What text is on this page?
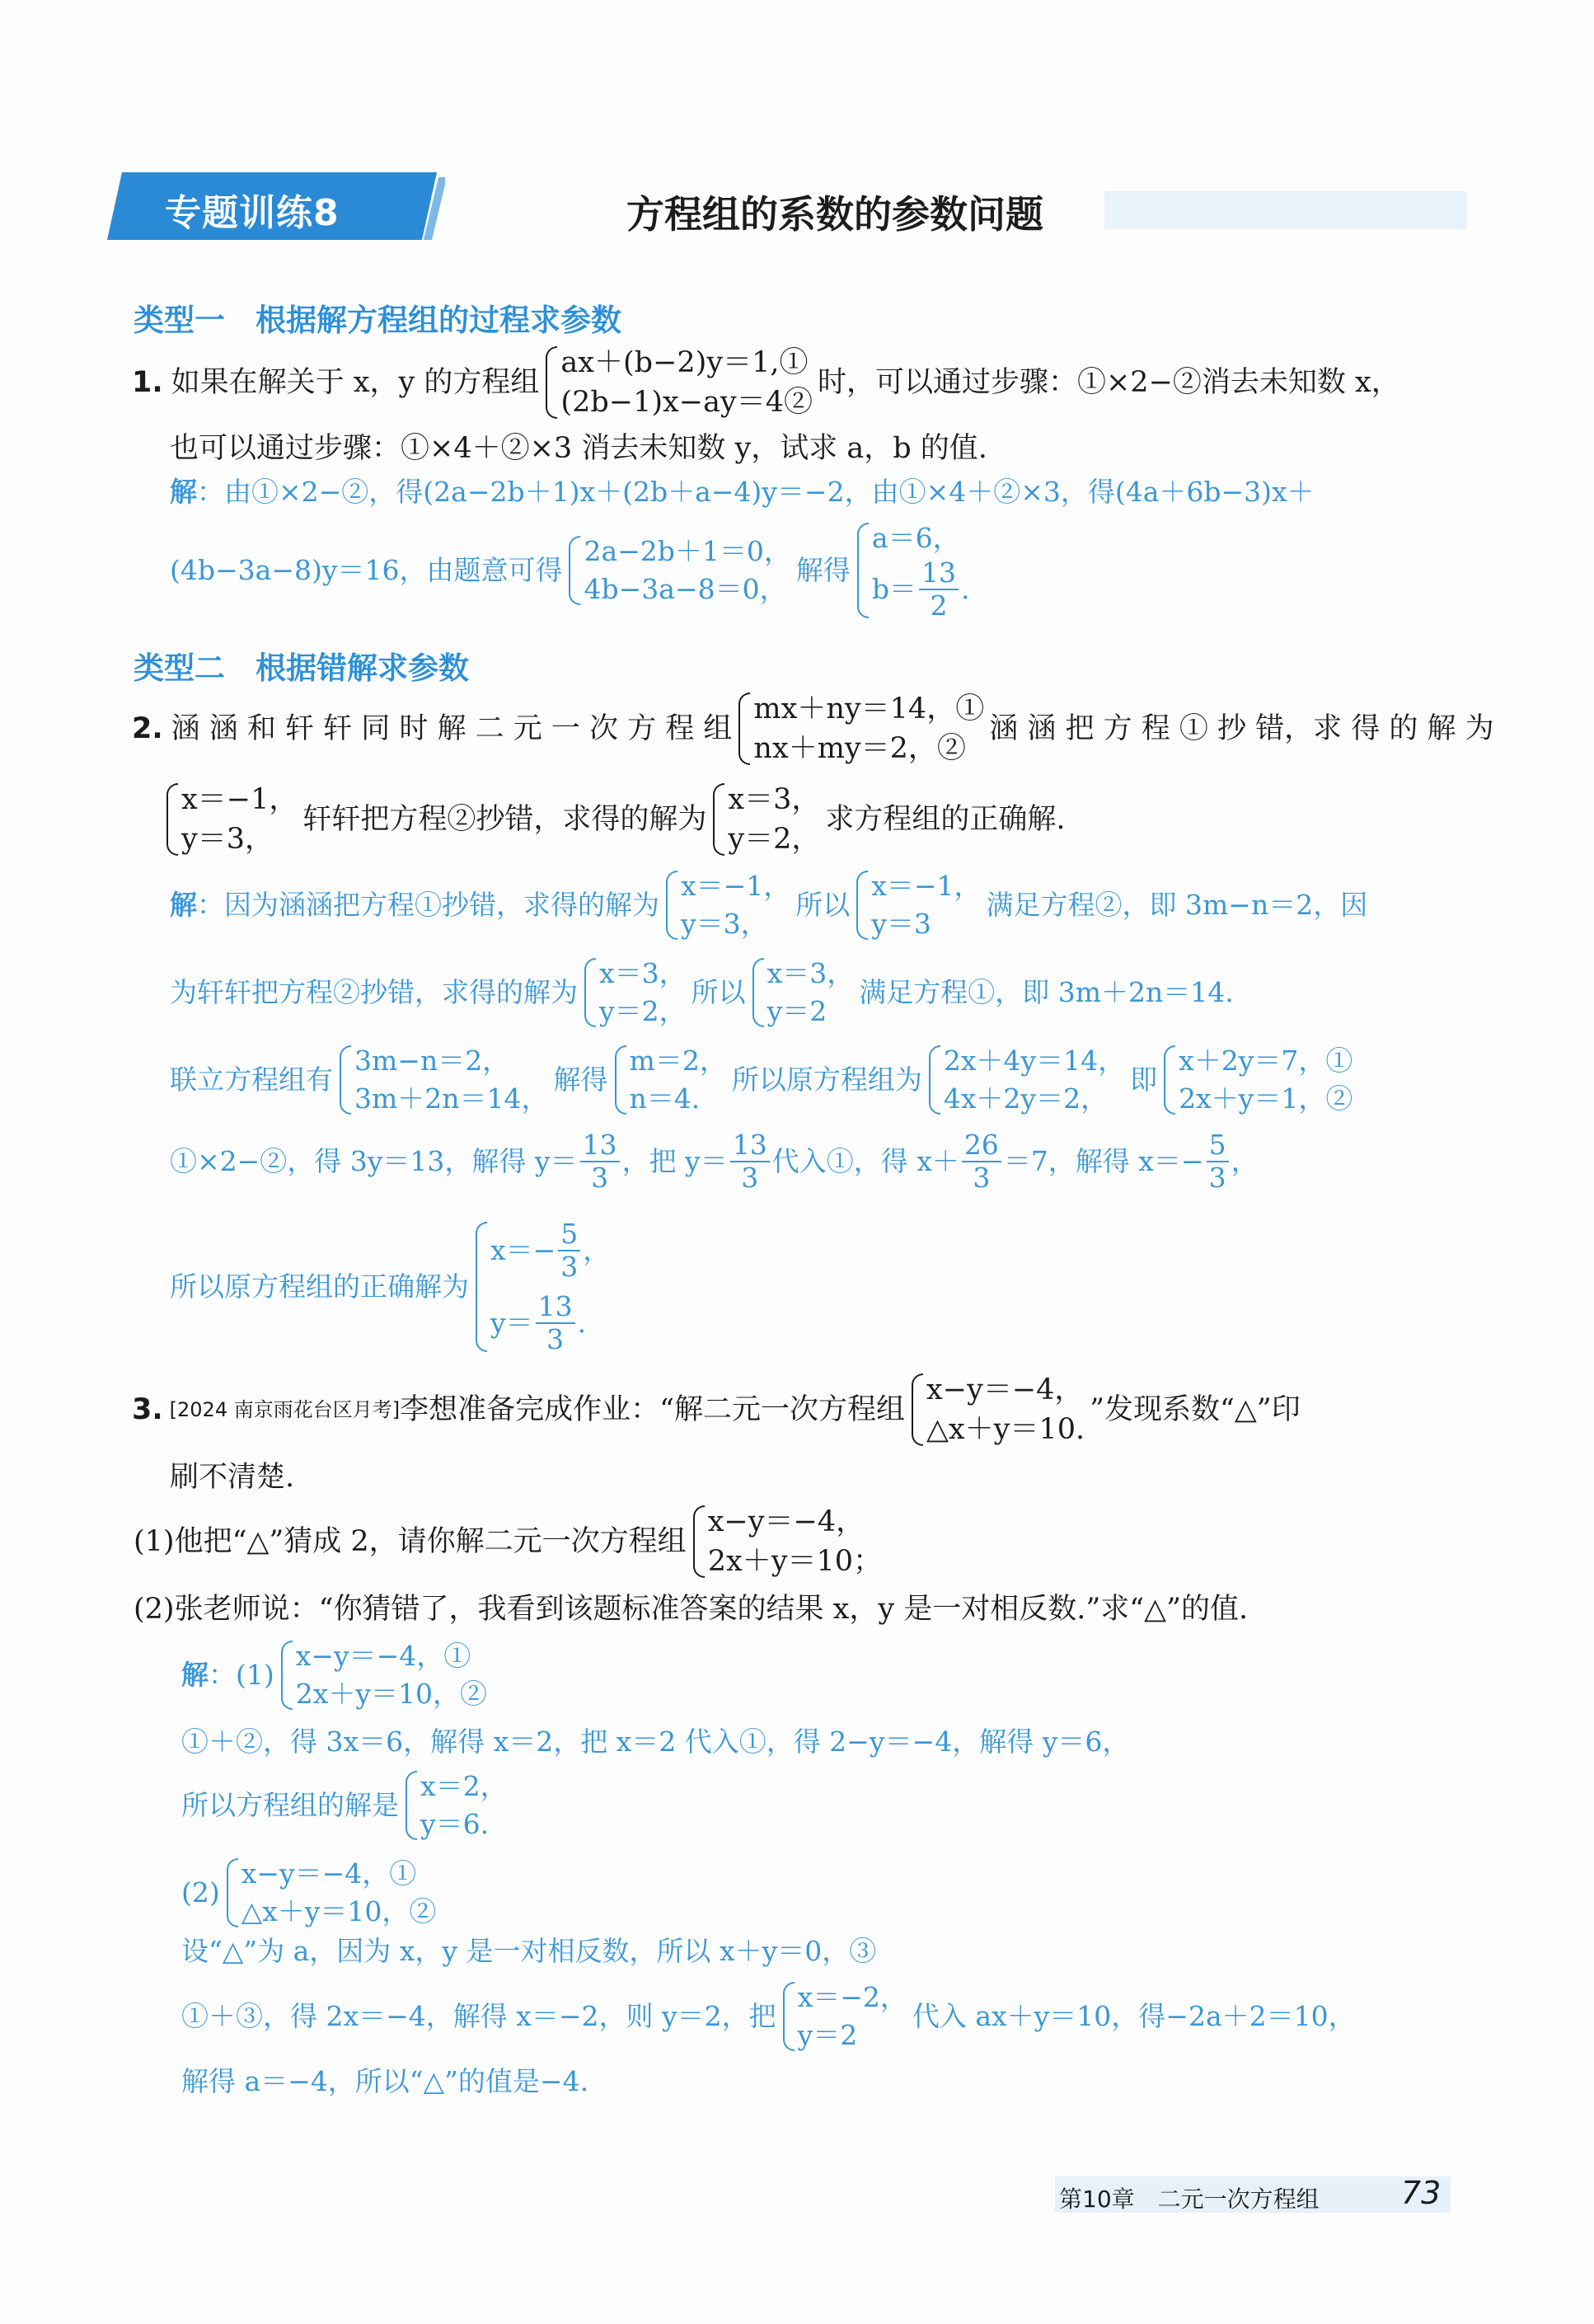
专题训练8	方程组的系数的参数问题
类型一　根据解方程组的过程求参数
1. 如果在解关于 x，y 的方程组
ax＋(b−2)y＝1,①
(2b−1)x−ay＝4②
时，可以通过步骤：①×2−②消去未知数 x，
也可以通过步骤：①×4＋②×3 消去未知数 y，试求 a，b 的值.
解：由①×2−②，得(2a−2b＋1)x＋(2b＋a−4)y＝−2，由①×4＋②×3，得(4a＋6b−3)x＋
(4b−3a−8)y＝16，由题意可得
2a−2b＋1＝0，
4b−3a−8＝0，
解得
a＝6，
$b= \frac{13}{2}$ .
类型二　根据错解求参数
2. 涵 涵 和 轩 轩 同 时 解 二 元 一 次 方 程 组
mx＋ny＝14，①
nx＋my＝2，②
涵 涵 把 方 程 ① 抄 错，求 得 的 解 为
x＝−1，
y＝3，
轩轩把方程②抄错，求得的解为
x＝3，
y＝2，
求方程组的正确解.
解 ：因为涵涵把方程①抄错，求得的解为
x＝−1，
y＝3，
所以
x＝−1，
y＝3
满足方程②，即 3m−n＝2，因
为轩轩把方程②抄错，求得的解为
x＝3，
y＝2，
所以
x＝3，
y＝2
满足方程①，即 3m＋2n＝14.
联立方程组有
3m−n＝2，
3m＋2n＝14，
解得
m＝2，
n＝4.
所以原方程组为
2x＋4y＝14，
4x＋2y＝2，
即
x＋2y＝7，①
2x＋y＝1，②
①×2−②，得 3y＝13，解得 $y= \frac{13}{3}$ ，把 $y= \frac{13}{3}$ 代入①，得 $x+ \frac{26}{3} =7$，解得 $x=- \frac{5}{3}$ ，
所以原方程组的正确解为
$x=- \frac{5}{3}$ ，
$y= \frac{13}{3}$ .
3. [2024 南京雨花台区月考] 李想准备完成作业：“解二元一次方程组
x−y＝−4，
△x＋y＝10.
”发现系数“△”印
刷不清楚.
(1)他把“△”猜成 2，请你解二元一次方程组
x−y＝−4，
2x＋y＝10；
(2)张老师说：“你猜错了，我看到该题标准答案的结果 x，y 是一对相反数.”求“△”的值.
解 ：(1)
x−y＝−4，①
2x＋y＝10，②
①＋②，得 3x＝6，解得 x＝2，把 x＝2 代入①，得 2−y＝−4，解得 y＝6，
所以方程组的解是
x＝2，
y＝6.
(2)
x−y＝−4，①
△x＋y＝10，②
设“△”为 a，因为 x，y 是一对相反数，所以 x＋y＝0，③
①＋③，得 2x＝−4，解得 x＝−2，则 y＝2，把
x＝−2，
y＝2
代入 ax＋y＝10，得−2a＋2＝10，
解得 a＝−4，所以“△”的值是−4.
第10章　二元一次方程组	73
